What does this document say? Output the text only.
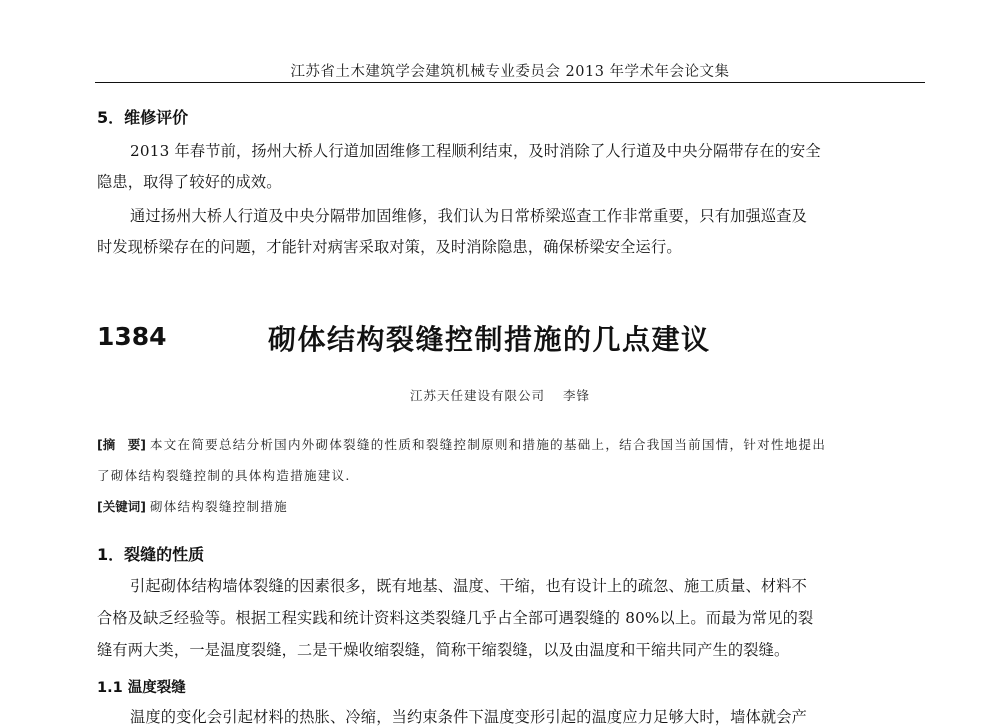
江苏省土木建筑学会建筑机械专业委员会 2013 年学术年会论文集
5．维修评价
2013 年春节前，扬州大桥人行道加固维修工程顺利结束，及时消除了人行道及中央分隔带存在的安全
隐患，取得了较好的成效。
通过扬州大桥人行道及中央分隔带加固维修，我们认为日常桥梁巡查工作非常重要，只有加强巡查及
时发现桥梁存在的问题，才能针对病害采取对策，及时消除隐患，确保桥梁安全运行。
1384	砌体结构裂缝控制措施的几点建议
江苏天任建设有限公司 李锋
[摘　要] 本文在简要总结分析国内外砌体裂缝的性质和裂缝控制原则和措施的基础上，结合我国当前国情，针对性地提出
了砌体结构裂缝控制的具体构造措施建议.
[关键词] 砌体结构裂缝控制措施
1．裂缝的性质
引起砌体结构墙体裂缝的因素很多，既有地基、温度、干缩，也有设计上的疏忽、施工质量、材料不
合格及缺乏经验等。根据工程实践和统计资料这类裂缝几乎占全部可遇裂缝的 80%以上。而最为常见的裂
缝有两大类，一是温度裂缝，二是干燥收缩裂缝，简称干缩裂缝，以及由温度和干缩共同产生的裂缝。
1.1 温度裂缝
温度的变化会引起材料的热胀、冷缩，当约束条件下温度变形引起的温度应力足够大时，墙体就会产
